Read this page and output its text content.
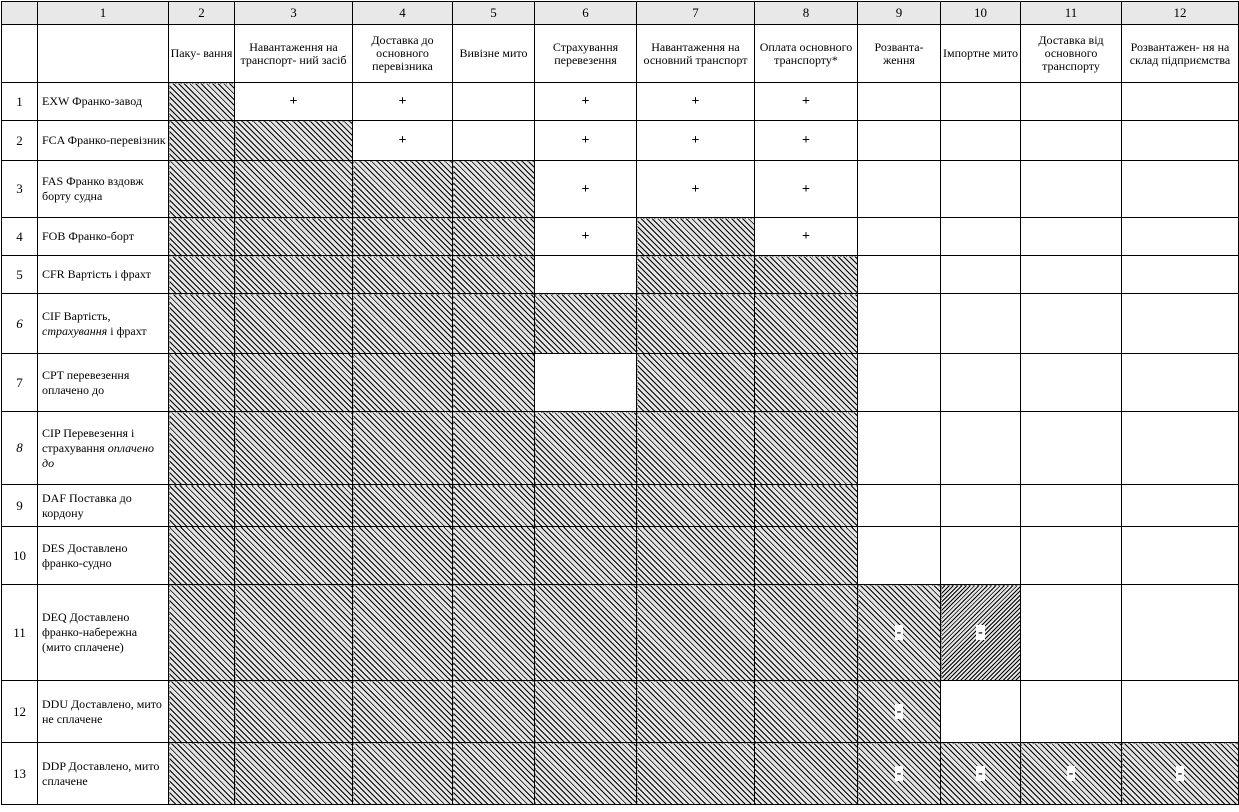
	1	2	3	4	5	6	7	8	9	10	11	12
		Паку- вання	Навантаження на транспорт- ний засіб	Доставка до основного перевізника	Вивізне мито	Страхування перевезення	Навантаження на основний транспорт	Оплата основного транспорту*	Розванта- ження	Імпортне мито	Доставка від основного транспорту	Розвантажен- ня на склад підприємства
1	EXW Франко-завод		+	+		+	+	+				
2	FCA Франко-перевізник			+		+	+	+				
3	FAS Франко вздовж борту судна					+	+	+				
4	FOB Франко-борт					+		+				
5	CFR Вартість і фрахт											
6	CIF Вартість, страхування і фрахт											
7	CPT перевезення оплачено до											
8	CIP Перевезення і страхування оплачено до											
9	DAF Поставка до кордону											
10	DES Доставлено франко-судно											
11	DEQ Доставлено франко-набережна (мито сплачене)								-	-		
12	DDU Доставлено, мито не сплачене								-			
13	DDP Доставлено, мито сплачене								-	-	-	-
